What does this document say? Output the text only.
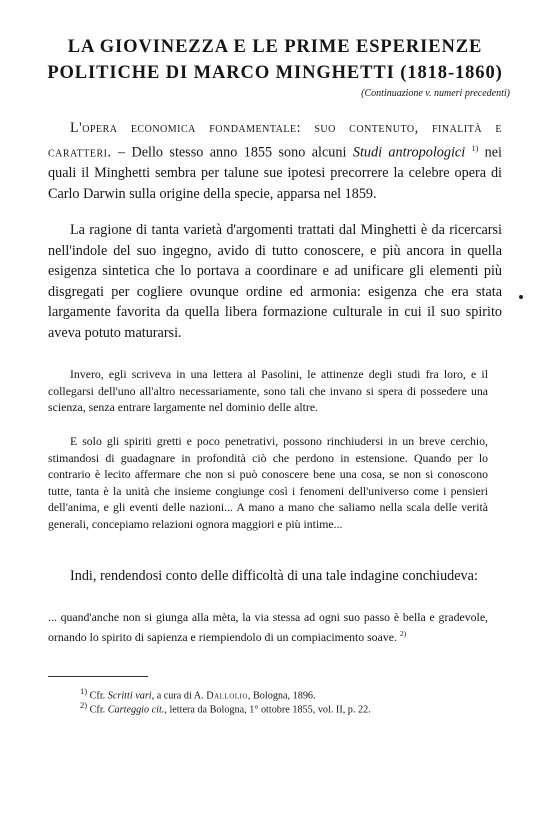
LA GIOVINEZZA E LE PRIME ESPERIENZE
POLITICHE DI MARCO MINGHETTI (1818-1860)

(Continuazione v. numeri precedenti)

L'opera economica fondamentale: suo contenuto, finalità e caratteri. – Dello stesso anno 1855 sono alcuni Studi antropologici $^{1)}$ nei quali il Minghetti sembra per talune sue ipotesi precorrere la celebre opera di Carlo Darwin sulla origine della specie, apparsa nel 1859.

La ragione di tanta varietà d'argomenti trattati dal Minghetti è da ricercarsi nell'indole del suo ingegno, avido di tutto conoscere, e più ancora in quella esigenza sintetica che lo portava a coordinare e ad unificare gli elementi più disgregati per cogliere ovunque ordine ed armonia: esigenza che era stata largamente favorita da quella libera formazione culturale in cui il suo spirito aveva potuto maturarsi.

Invero, egli scriveva in una lettera al Pasolini, le attinenze degli studi fra loro, e il collegarsi dell'uno all'altro necessariamente, sono tali che invano si spera di possedere una scienza, senza entrare largamente nel dominio delle altre.

E solo gli spiriti gretti e poco penetrativi, possono rinchiudersi in un breve cerchio, stimandosi di guadagnare in profondità ciò che perdono in estensione. Quando per lo contrario è lecito affermare che non si può conoscere bene una cosa, se non si conoscono tutte, tanta è la unità che insieme congiunge così i fenomeni dell'universo come i pensieri dell'anima, e gli eventi delle nazioni... A mano a mano che saliamo nella scala delle verità generali, concepiamo relazioni ognora maggiori e più intime...

Indi, rendendosi conto delle difficoltà di una tale indagine conchiudeva:

... quand'anche non si giunga alla mèta, la via stessa ad ogni suo passo è bella e gradevole, ornando lo spirito di sapienza e riempiendolo di un compiacimento soave. $^{2)}$

$^{1)}$ Cfr. Scritti vari, a cura di A. Dallolio, Bologna, 1896.

$^{2)}$ Cfr. Carteggio cit., lettera da Bologna, 1° ottobre 1855, vol. II, p. 22.
